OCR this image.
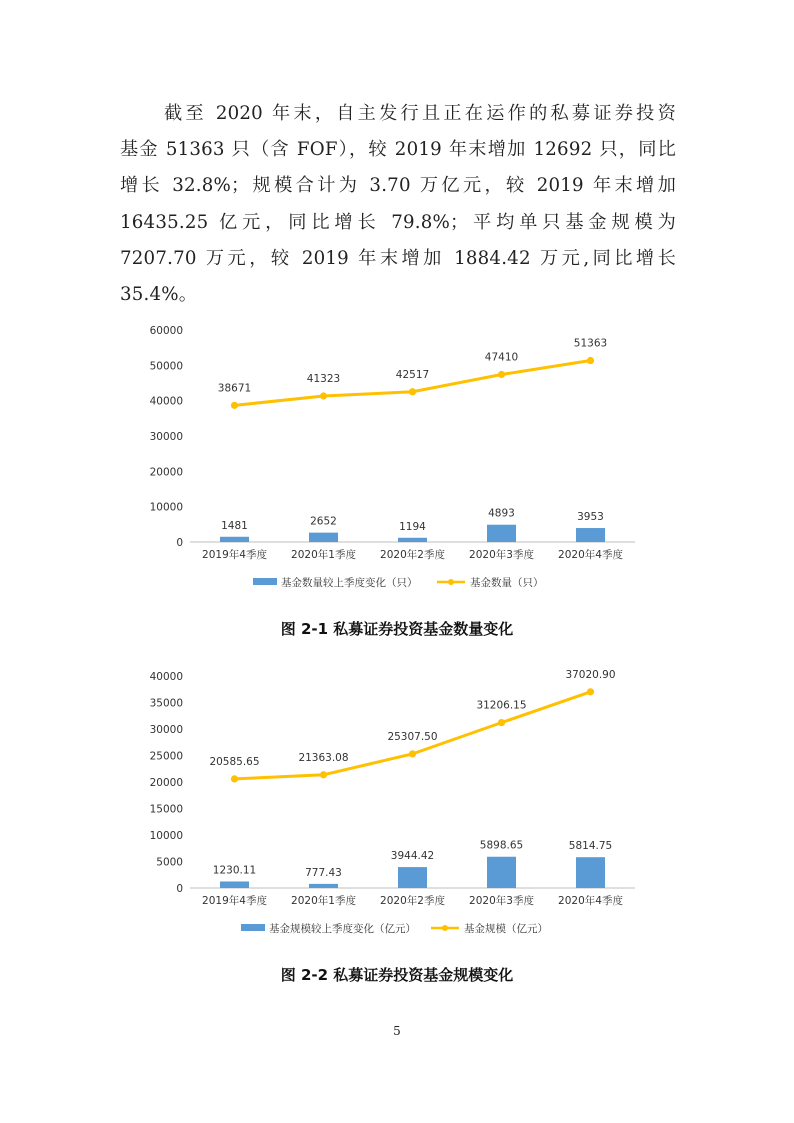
截至 2020 年末，自主发行且正在运作的私募证券投资
基金 51363 只（含 FOF），较 2019 年末增加 12692 只，同比
增长 32.8%；规模合计为 3.70 万亿元，较 2019 年末增加
16435.25 亿元，同比增长 79.8%；平均单只基金规模为
7207.70 万元，较 2019 年末增加 1884.42 万元,同比增长
35.4%。
0
10000
20000
30000
40000
50000
60000
2019年4季度 2020年1季度 2020年2季度 2020年3季度 2020年4季度
1481	2652	1194
4893	3953
38671
41323	42517
47410
51363
基金数量较上季度变化（只）	基金数量（只）
图 2-1 私募证券投资基金数量变化
0
5000
10000
15000
20000
25000
30000
35000
40000
2019年4季度 2020年1季度 2020年2季度 2020年3季度 2020年4季度
1230.11	777.43
3944.42
5898.65	5814.75
20585.65	21363.08
25307.50
31206.15
37020.90
基金规模较上季度变化（亿元）	基金规模（亿元）
图 2-2 私募证券投资基金规模变化
5
